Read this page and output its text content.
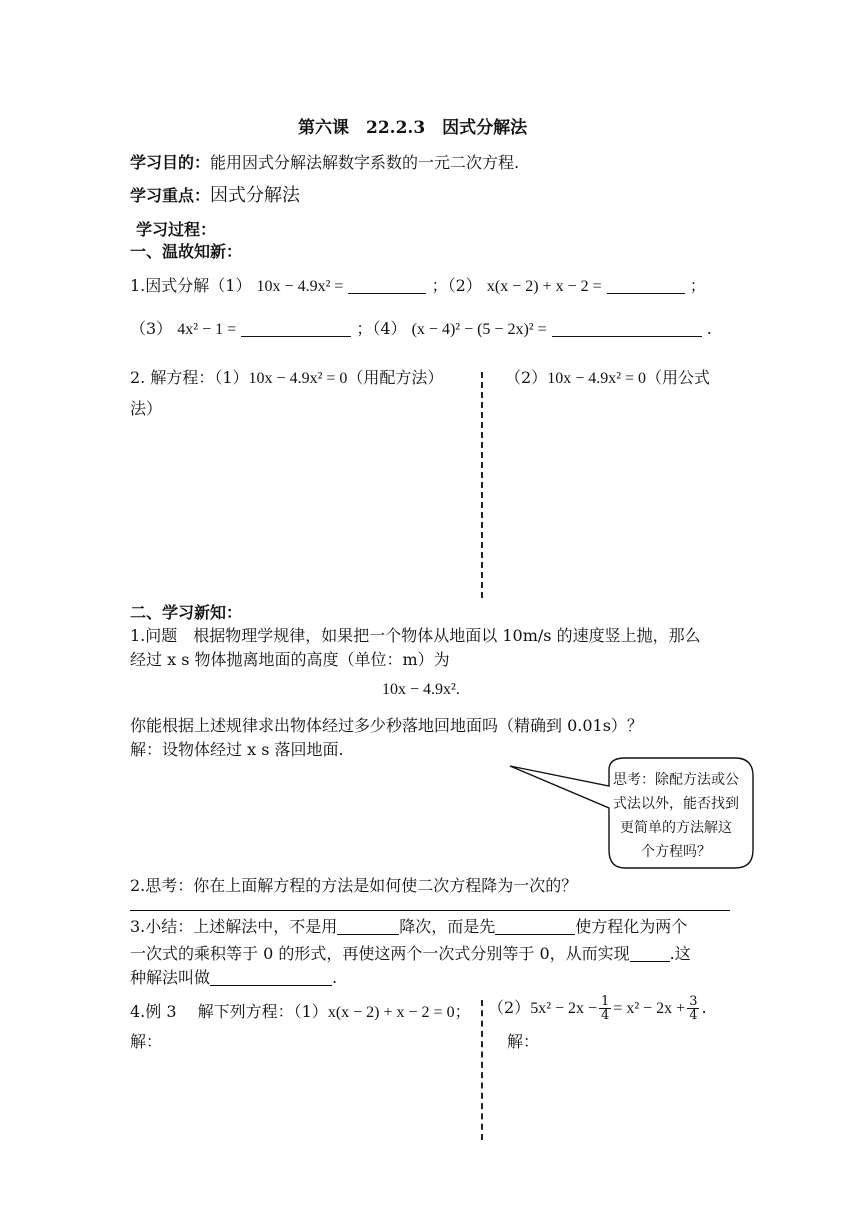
第六课　22.2.3　因式分解法
学习目的：能用因式分解法解数字系数的一元二次方程.
学习重点：因式分解法
学习过程：
一、温故知新：
1.因式分解（1） 10x − 4.9x² =	；（2） x(x − 2) + x − 2 =	；
（3） 4x² − 1 =	；（4） (x − 4)² − (5 − 2x)² =	.
2. 解方程：（1）10x − 4.9x² = 0（用配方法）	（2）10x − 4.9x² = 0（用公式
法）
二、学习新知：
1.问题　根据物理学规律，如果把一个物体从地面以 10m/s 的速度竖上抛，那么
经过 x s 物体抛离地面的高度（单位：m）为
10x − 4.9x².
你能根据上述规律求出物体经过多少秒落地回地面吗（精确到 0.01s）？
解：设物体经过 x s 落回地面.
思考：除配方法或公
式法以外，能否找到
更简单的方法解这
个方程吗？
2.思考：你在上面解方程的方法是如何使二次方程降为一次的？
3.小结：上述解法中，不是用	降次，而是先	使方程化为两个
一次式的乘积等于 0 的形式，再使这两个一次式分别等于 0，从而实现	.这
种解法叫做	.
4.例 3　 解下列方程：（1）x(x − 2) + x − 2 = 0； $(2)5x^2 - 2x - \frac{1}{4} = x^2 - 2x + \frac{3}{4}$ .
解：	解：
